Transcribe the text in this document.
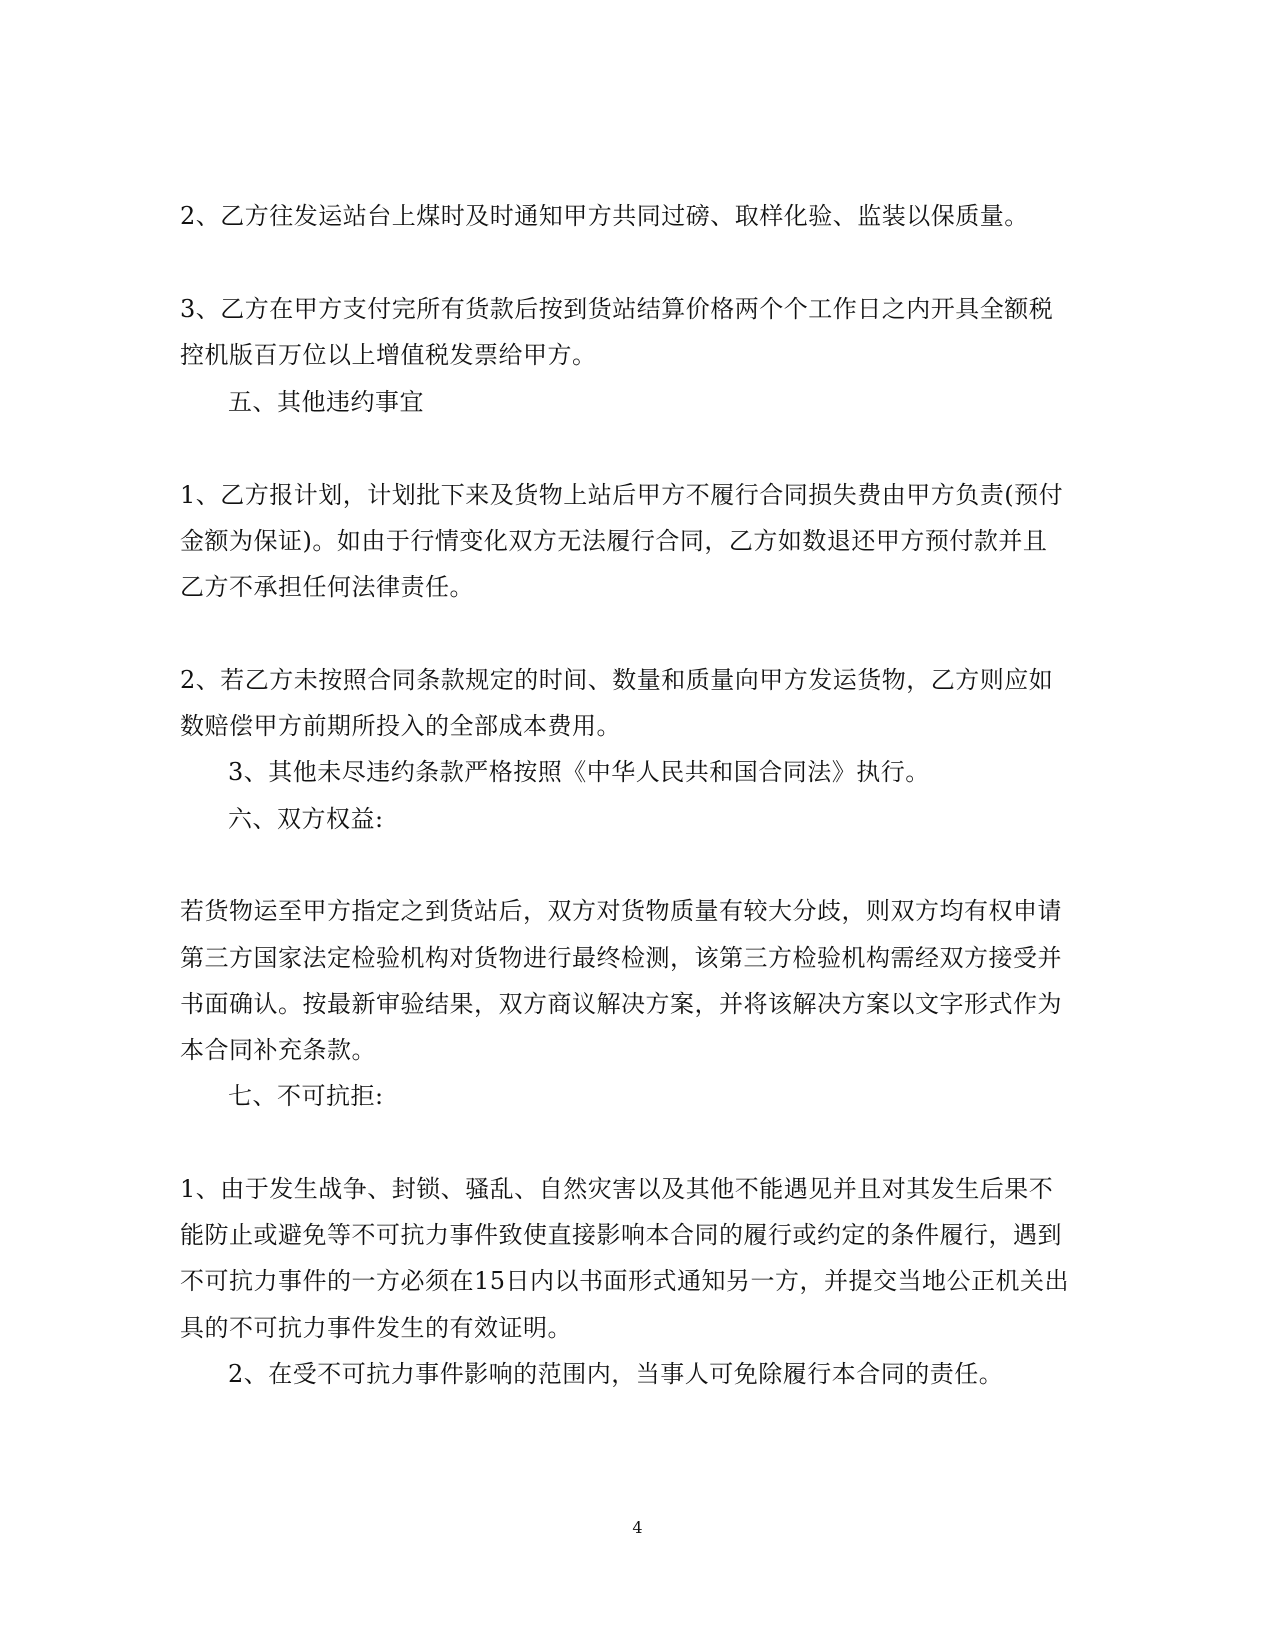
2、乙方往发运站台上煤时及时通知甲方共同过磅、取样化验、监装以保质量。
3、乙方在甲方支付完所有货款后按到货站结算价格两个个工作日之内开具全额税
控机版百万位以上增值税发票给甲方。
五、其他违约事宜
1、乙方报计划，计划批下来及货物上站后甲方不履行合同损失费由甲方负责(预付
金额为保证)。如由于行情变化双方无法履行合同，乙方如数退还甲方预付款并且
乙方不承担任何法律责任。
2、若乙方未按照合同条款规定的时间、数量和质量向甲方发运货物，乙方则应如
数赔偿甲方前期所投入的全部成本费用。
3、其他未尽违约条款严格按照《中华人民共和国合同法》执行。
六、双方权益:
若货物运至甲方指定之到货站后，双方对货物质量有较大分歧，则双方均有权申请
第三方国家法定检验机构对货物进行最终检测，该第三方检验机构需经双方接受并
书面确认。按最新审验结果，双方商议解决方案，并将该解决方案以文字形式作为
本合同补充条款。
七、不可抗拒:
1、由于发生战争、封锁、骚乱、自然灾害以及其他不能遇见并且对其发生后果不
能防止或避免等不可抗力事件致使直接影响本合同的履行或约定的条件履行，遇到
不可抗力事件的一方必须在15日内以书面形式通知另一方，并提交当地公正机关出
具的不可抗力事件发生的有效证明。
2、在受不可抗力事件影响的范围内，当事人可免除履行本合同的责任。
4
